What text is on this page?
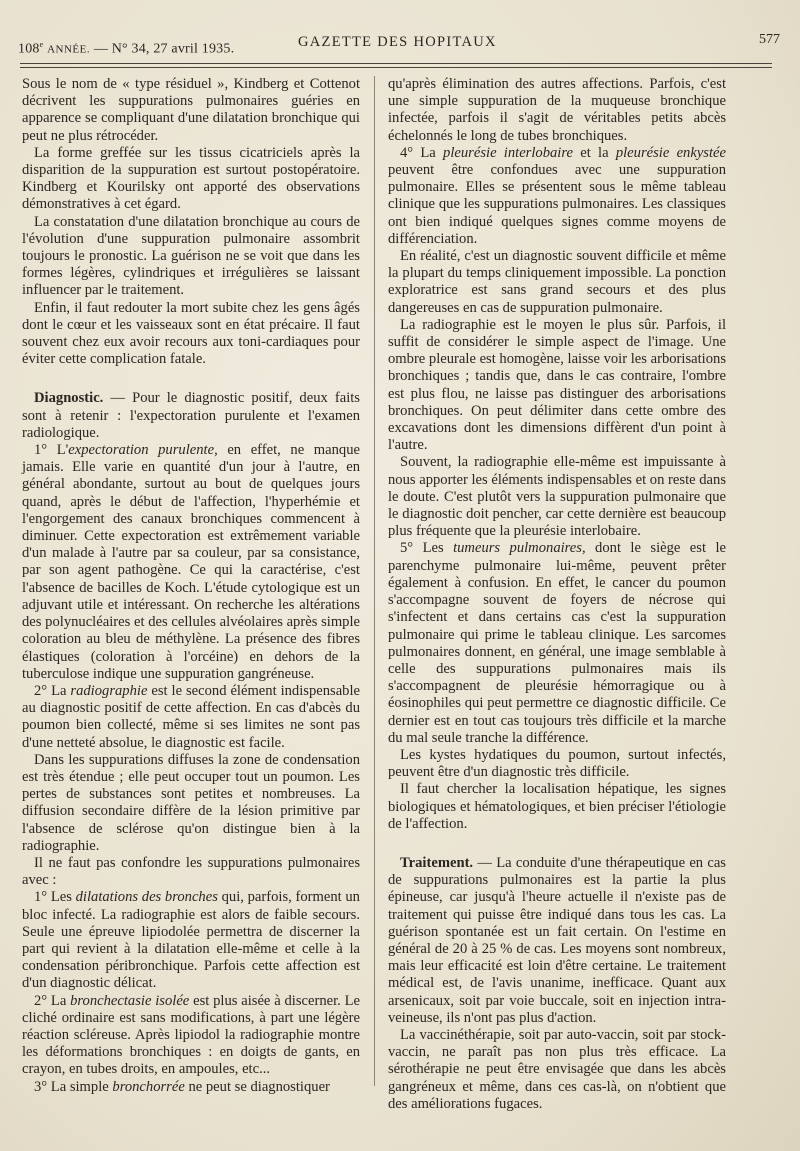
108e ANNÉE. — N° 34, 27 avril 1935.	GAZETTE DES HOPITAUX	577

Sous le nom de « type résiduel », Kindberg et Cottenot décrivent les suppurations pulmonaires guéries en apparence se compliquant d'une dilatation bronchique qui peut ne plus rétrocéder.

La forme greffée sur les tissus cicatriciels après la disparition de la suppuration est surtout postopératoire. Kindberg et Kourilsky ont apporté des observations démonstratives à cet égard.

La constatation d'une dilatation bronchique au cours de l'évolution d'une suppuration pulmonaire assombrit toujours le pronostic. La guérison ne se voit que dans les formes légères, cylindriques et irrégulières se laissant influencer par le traitement.

Enfin, il faut redouter la mort subite chez les gens âgés dont le cœur et les vaisseaux sont en état précaire. Il faut souvent chez eux avoir recours aux toni-cardiaques pour éviter cette complication fatale.

Diagnostic. — Pour le diagnostic positif, deux faits sont à retenir : l'expectoration purulente et l'examen radiologique.

1° L'expectoration purulente, en effet, ne manque jamais. Elle varie en quantité d'un jour à l'autre, en général abondante, surtout au bout de quelques jours quand, après le début de l'affection, l'hyperhémie et l'engorgement des canaux bronchiques commencent à diminuer. Cette expectoration est extrêmement variable d'un malade à l'autre par sa couleur, par sa consistance, par son agent pathogène. Ce qui la caractérise, c'est l'absence de bacilles de Koch. L'étude cytologique est un adjuvant utile et intéressant. On recherche les altérations des polynucléaires et des cellules alvéolaires après simple coloration au bleu de méthylène. La présence des fibres élastiques (coloration à l'orcéine) en dehors de la tuberculose indique une suppuration gangréneuse.

2° La radiographie est le second élément indispensable au diagnostic positif de cette affection. En cas d'abcès du poumon bien collecté, même si ses limites ne sont pas d'une netteté absolue, le diagnostic est facile.

Dans les suppurations diffuses la zone de condensation est très étendue ; elle peut occuper tout un poumon. Les pertes de substances sont petites et nombreuses. La diffusion secondaire diffère de la lésion primitive par l'absence de sclérose qu'on distingue bien à la radiographie.

Il ne faut pas confondre les suppurations pulmonaires avec :

1° Les dilatations des bronches qui, parfois, forment un bloc infecté. La radiographie est alors de faible secours. Seule une épreuve lipiodolée permettra de discerner la part qui revient à la dilatation elle-même et celle à la condensation péribronchique. Parfois cette affection est d'un diagnostic délicat.

2° La bronchectasie isolée est plus aisée à discerner. Le cliché ordinaire est sans modifications, à part une légère réaction scléreuse. Après lipiodol la radiographie montre les déformations bronchiques : en doigts de gants, en crayon, en tubes droits, en ampoules, etc...

3° La simple bronchorrée ne peut se diagnostiquer

qu'après élimination des autres affections. Parfois, c'est une simple suppuration de la muqueuse bronchique infectée, parfois il s'agit de véritables petits abcès échelonnés le long de tubes bronchiques.

4° La pleurésie interlobaire et la pleurésie enkystée peuvent être confondues avec une suppuration pulmonaire. Elles se présentent sous le même tableau clinique que les suppurations pulmonaires. Les classiques ont bien indiqué quelques signes comme moyens de différenciation.

En réalité, c'est un diagnostic souvent difficile et même la plupart du temps cliniquement impossible. La ponction exploratrice est sans grand secours et des plus dangereuses en cas de suppuration pulmonaire.

La radiographie est le moyen le plus sûr. Parfois, il suffit de considérer le simple aspect de l'image. Une ombre pleurale est homogène, laisse voir les arborisations bronchiques ; tandis que, dans le cas contraire, l'ombre est plus flou, ne laisse pas distinguer des arborisations bronchiques. On peut délimiter dans cette ombre des excavations dont les dimensions diffèrent d'un point à l'autre.

Souvent, la radiographie elle-même est impuissante à nous apporter les éléments indispensables et on reste dans le doute. C'est plutôt vers la suppuration pulmonaire que le diagnostic doit pencher, car cette dernière est beaucoup plus fréquente que la pleurésie interlobaire.

5° Les tumeurs pulmonaires, dont le siège est le parenchyme pulmonaire lui-même, peuvent prêter également à confusion. En effet, le cancer du poumon s'accompagne souvent de foyers de nécrose qui s'infectent et dans certains cas c'est la suppuration pulmonaire qui prime le tableau clinique. Les sarcomes pulmonaires donnent, en général, une image semblable à celle des suppurations pulmonaires mais ils s'accompagnent de pleurésie hémorragique ou à éosinophiles qui peut permettre ce diagnostic difficile. Ce dernier est en tout cas toujours très difficile et la marche du mal seule tranche la différence.

Les kystes hydatiques du poumon, surtout infectés, peuvent être d'un diagnostic très difficile.

Il faut chercher la localisation hépatique, les signes biologiques et hématologiques, et bien préciser l'étiologie de l'affection.

Traitement. — La conduite d'une thérapeutique en cas de suppurations pulmonaires est la partie la plus épineuse, car jusqu'à l'heure actuelle il n'existe pas de traitement qui puisse être indiqué dans tous les cas. La guérison spontanée est un fait certain. On l'estime en général de 20 à 25 % de cas. Les moyens sont nombreux, mais leur efficacité est loin d'être certaine. Le traitement médical est, de l'avis unanime, inefficace. Quant aux arsenicaux, soit par voie buccale, soit en injection intra-veineuse, ils n'ont pas plus d'action.

La vaccinéthérapie, soit par auto-vaccin, soit par stock-vaccin, ne paraît pas non plus très efficace. La sérothérapie ne peut être envisagée que dans les abcès gangréneux et même, dans ces cas-là, on n'obtient que des améliorations fugaces.
